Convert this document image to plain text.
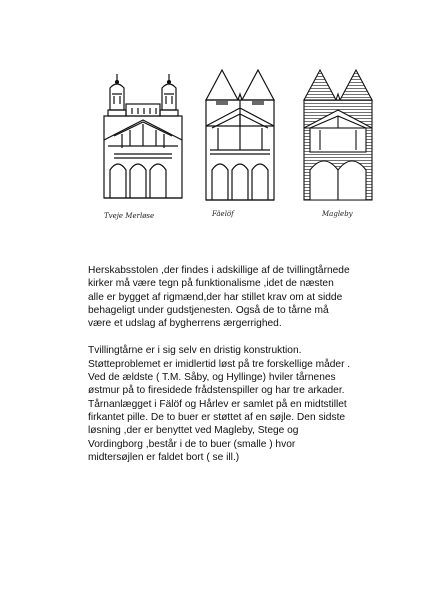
Tveje Merløse	Fäelöf	Magleby

Herskabsstolen ,der findes i adskillige af de tvillingtårnede
kirker må være tegn på funktionalisme ,idet de næsten
alle er bygget af rigmænd,der har stillet krav om at sidde
behageligt under gudstjenesten. Også de to tårne må
være et udslag af bygherrens ærgerrighed.

Tvillingtårne er i sig selv en dristig konstruktion.
Støtteproblemet er imidlertid løst på tre forskellige måder .
Ved de ældste ( T.M. Såby, og Hyllinge) hviler tårnenes
østmur på to firesidede frådstenspiller og har tre arkader.
Tårnanlægget i Fälöf og Hårlev er samlet på en midtstillet
firkantet pille. De to buer er støttet af en søjle. Den sidste
løsning ,der er benyttet ved Magleby, Stege og
Vordingborg ,består i de to buer (smalle ) hvor
midtersøjlen er faldet bort ( se ill.)
